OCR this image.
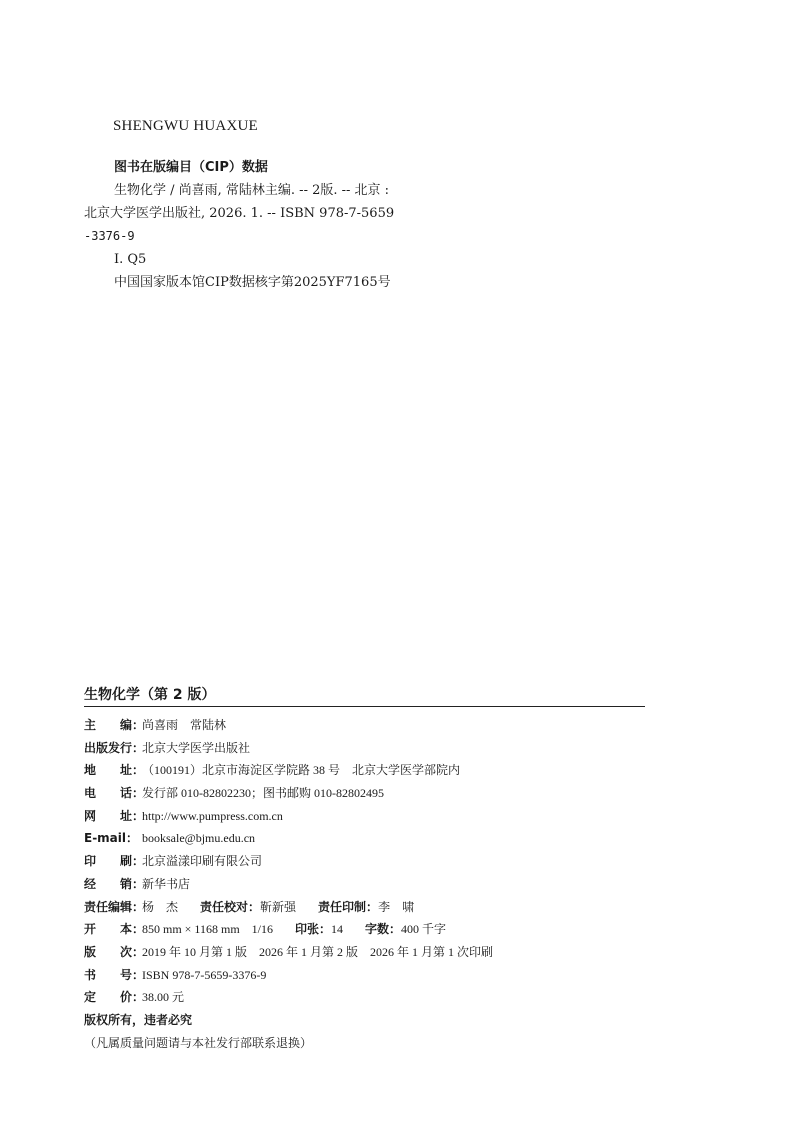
SHENGWU HUAXUE
图书在版编目（CIP）数据
生物化学 / 尚喜雨, 常陆林主编. -- 2版. -- 北京 :
北京大学医学出版社, 2026. 1. -- ISBN 978-7-5659
-3376-9
Ⅰ. Q5
中国国家版本馆CIP数据核字第2025YF7165号
生物化学（第 2 版）
主　　编：尚喜雨　常陆林
出版发行：北京大学医学出版社
地　　址：（100191）北京市海淀区学院路 38 号　北京大学医学部院内
电　　话：发行部 010-82802230；图书邮购 010-82802495
网　　址：http://www.pumpress.com.cn
E-mail： booksale@bjmu.edu.cn
印　　刷：北京溢漾印刷有限公司
经　　销：新华书店
责任编辑：杨　杰 责任校对：靳新强 责任印制：李　啸
开　　本：850 mm × 1168 mm　1/16 印张：14 字数：400 千字
版　　次：2019 年 10 月第 1 版　2026 年 1 月第 2 版　2026 年 1 月第 1 次印刷
书　　号：ISBN 978-7-5659-3376-9
定　　价：38.00 元
版权所有，违者必究
（凡属质量问题请与本社发行部联系退换）
